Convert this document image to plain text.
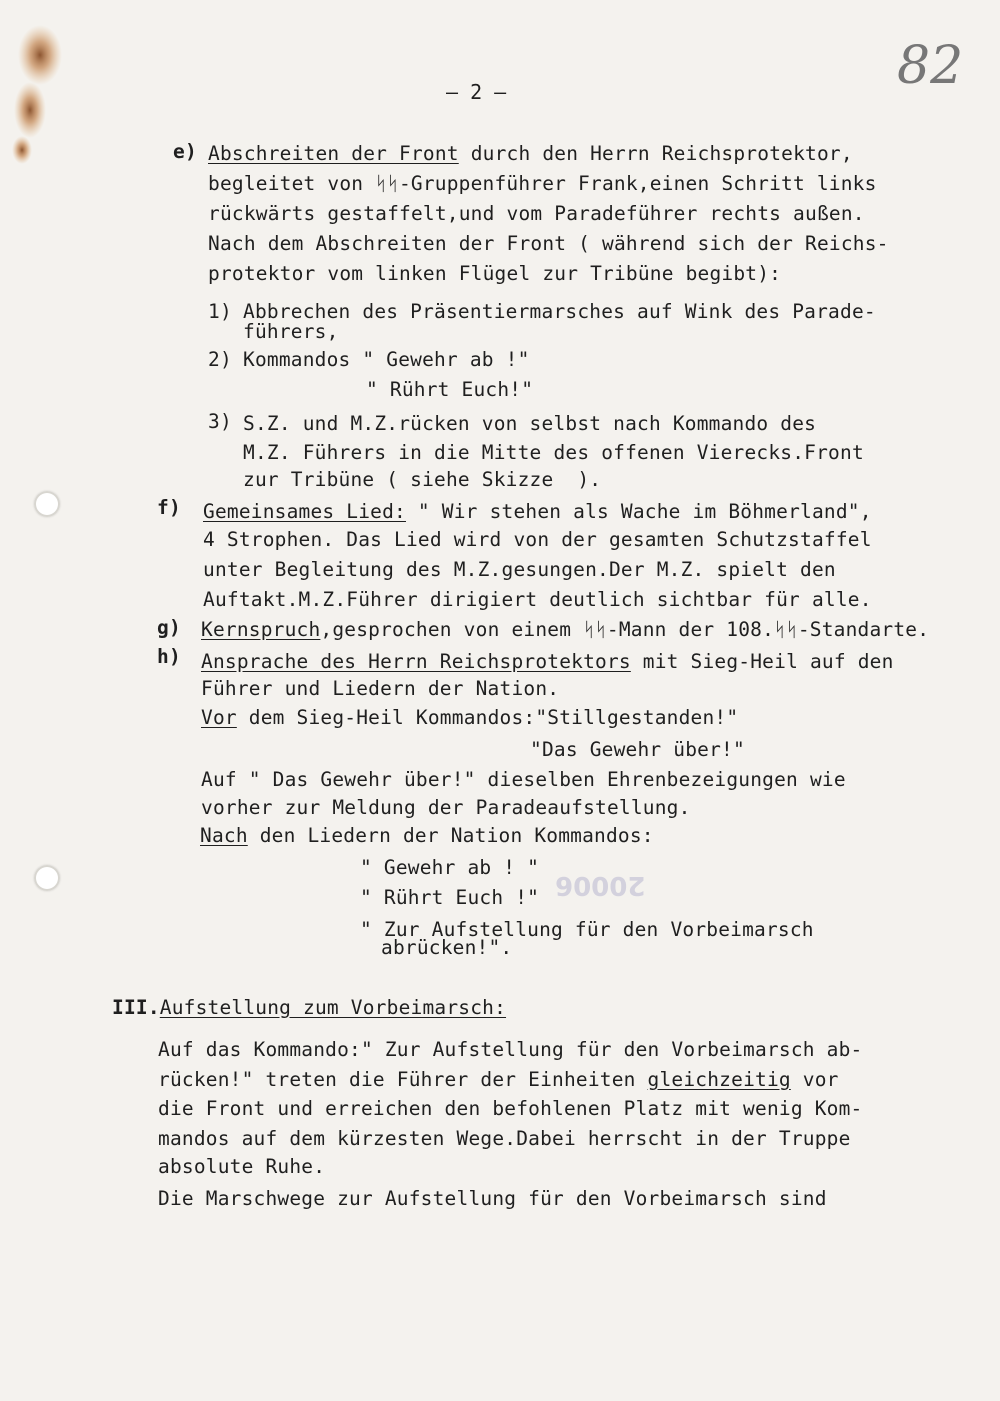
– 2 –	82
20006
e) Abschreiten der Front durch den Herrn Reichsprotektor,
begleitet von ᛋᛋ-Gruppenführer Frank,einen Schritt links
rückwärts gestaffelt,und vom Paradeführer rechts außen.
Nach dem Abschreiten der Front ( während sich der Reichs-
protektor vom linken Flügel zur Tribüne begibt):
1) Abbrechen des Präsentiermarsches auf Wink des Parade-
führers,
2) Kommandos " Gewehr ab !"
" Rührt Euch!"
3) S.Z. und M.Z.rücken von selbst nach Kommando des
M.Z. Führers in die Mitte des offenen Vierecks.Front
zur Tribüne ( siehe Skizze  ).
f) Gemeinsames Lied: " Wir stehen als Wache im Böhmerland",
4 Strophen. Das Lied wird von der gesamten Schutzstaffel
unter Begleitung des M.Z.gesungen.Der M.Z. spielt den
Auftakt.M.Z.Führer dirigiert deutlich sichtbar für alle.
g) Kernspruch,gesprochen von einem ᛋᛋ-Mann der 108.ᛋᛋ-Standarte.
h) Ansprache des Herrn Reichsprotektors mit Sieg-Heil auf den
Führer und Liedern der Nation.
Vor dem Sieg-Heil Kommandos:"Stillgestanden!"
"Das Gewehr über!"
Auf " Das Gewehr über!" dieselben Ehrenbezeigungen wie
vorher zur Meldung der Paradeaufstellung.
Nach den Liedern der Nation Kommandos:
" Gewehr ab ! "
" Rührt Euch !"
" Zur Aufstellung für den Vorbeimarsch
abrücken!".
III.Aufstellung zum Vorbeimarsch:
Auf das Kommando:" Zur Aufstellung für den Vorbeimarsch ab-
rücken!" treten die Führer der Einheiten gleichzeitig vor
die Front und erreichen den befohlenen Platz mit wenig Kom-
mandos auf dem kürzesten Wege.Dabei herrscht in der Truppe
absolute Ruhe.
Die Marschwege zur Aufstellung für den Vorbeimarsch sind
